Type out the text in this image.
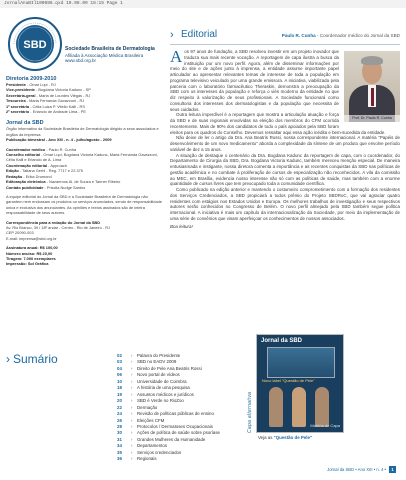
JornalAnuBIl100086.qxd 19.08.09 18:15 Page 1
SBD	Sociedade Brasileira de Dermatologia
Afiliada à Associação Médica Brasileira
www.sbd.org.br
Diretoria 2009-2010
Presidente - Omar Lupi - RJ
Vice-presidente - Bogdana Victoria Kadunc - SP
Secretária-geral - Maria de Lourdes Viégas - RJ
Tesoureira - Maria Fernanda Gavazzoni - RJ
1ª secretária - Célia Luiza P. Vitello Kalil - RS
2º secretário - Erlancio de Andrade Lima - PE
Jornal da SBD
Órgão informativo da Sociedade Brasileira de Dermatologia dirigido a seus associados e órgãos da imprensa.
Publicação bimestral - Ano XIII - n. 4 - julho/agosto - 2009
Coordenador médico - Paulo R. Cunha
Conselho editorial - Omar Lupi, Bogdana Victoria Kadunc, Maria Fernanda Gavazzoni, Célia Kalil e Erlancio de A. Lima
Coordenação editorial - Approach
Edição - Tatiana Gerhl - Reg. 7717 e 22.375
Redação - Erika Drumond
Editoração eletrônica - Nazarenos Al. de Souza e Tanner Ribeiro
Contato publicidade - Priscila Nudge Santos
A equipe editorial do Jornal da SBD e a Sociedade Brasileira de Dermatologia não garantem nem endossam os produtos ou serviços anunciados, sendo de responsabilidade única e exclusiva dos anunciantes. As opiniões e textos assinados são de inteira responsabilidade de seus autores.
Correspondência para a redação do Jornal da SBD
Av. Rio Branco, 39 / 18º andar - Centro - Rio de Janeiro - RJ
CEP 20090-003
E-mail: imprensa@sbd.org.br
Assinatura anual: R$ 100,00
Número avulso: R$ 20,00
Tiragem: 7.000 exemplares
Impressão: Sol Gráfica
› Editorial	Paulo R. Cunha - Coordenador médico do Jornal da SBD
Prof. Dr. Paulo R. Cunha
A os 97 anos de fundação, a SBD resolveu investir em um projeto inovador que traduza sua mais recente vocação. A reportagem de capa ilustra a busca da instituição por um novo perfil. Agora, além de disseminar informações por meio do site e de ações junto à imprensa, a entidade assume importante papel articulador ao apresentar relevantes temas de interesse de toda a população em programa televisivo veiculado por uma grande emissora. A iniciativa, viabilizada pela parceria com o laboratório farmacêutico Theraskin, demonstra a preocupação da SBD com os interesses da população e reforça o viés moderno da entidade no que diz respeito à valorização de seus profissionais. A Sociedade funcionará como consultoria dos interesses dos dermatologistas e da população que necessita de seus cuidados.

Outra leitura imperdível é a reportagem que mostra a articulação atuação e força da SBD e de suas regionais envolvidas na eleição dos membros do CFM ocorrida recentemente. Mais de 90% dos candidatos de todo o país apoiados pela SBD foram eleitos para os quadros do Conselho. Devemos ressaltar aqui essa ação inédita e bem-sucedida da entidade.

Não deixe de ler o artigo da Dra. Ana Beatris Rossi, nossa correspondente internacional. A matéria "Papéis de desenvolvimento de um novo medicamento" aborda a complexidade da síntese de um produto que envolve período variável de dez a 15 anos.

A situação de destaque o centenário da Dra. Bogdana Kadunc da reportagem de capa, com o coordenador, do Departamento de Cirurgia da SBD, Dra. Bogdana Victoria Kadunc, também mereceu menção especial. De maneira entusiasmada e instigante, nossa diretora comenta a importância e as recentes conquistas da SBD nas políticas de gestão acadêmica e no combate à proliferação de cursos de especialização não reconhecidos. A vila da comissão ao MEC, em Brasília, evidencia nosso interesse não só com as políticas de saúde, mas também com a enorme quantidade de cursos livres que tem preocupado toda a comunidade científica.

Como publicado na edição anterior e mantendo o costumeiro comprometimento com a formação dos residentes dos Serviços Credenciados, a SBD propiciará a todos prêmio do Projeto SBDRoC, que vai agraciar quatro residentes com estágios nos Estados Unidos e Europa. Os melhores trabalhos de investigação e seus respectivos autores serão conhecidos no Congresso de Belém. O novo perfil almejado pela SBD também segue política internacional. A iniciativa é mais um capítulo da internacionalização da Sociedade, por meio da implementação de uma série de convênios que visam aperfeiçoar os conhecimentos de nossos associados.

Boa leitura!
› Sumário	02	›	Palavra do Presidente
03	›	SBD no EADV 2009
04	›	Direito de Pele Ana Beatris Rossi
06	›	Novo portal de vídeos
10	›	Universidade de Coimbra
18	›	A história de uma pesquisa
19	›	Assuntos médicos e jurídicos
20	›	SBD é Verde no RioZoo
22	›	Dermação
24	›	Revisão de políticas públicas de ensino
26	›	Eleições CFM
28	›	Protocolos / Dermatoses Ocupacionais
30	›	Ações de política de saúde sobre psoríase
31	›	Grandes Mulheres da Humanidade
34	›	Departamentos
35	›	Serviços credenciados
36	›	Regionais
Capa alternativa
Jornal da SBD
Novo label "Questão de Pele"
Matéria de Capa
Veja as "Questão de Pele"
Jornal da SBD • Ano XIII • n. 4 •	1
